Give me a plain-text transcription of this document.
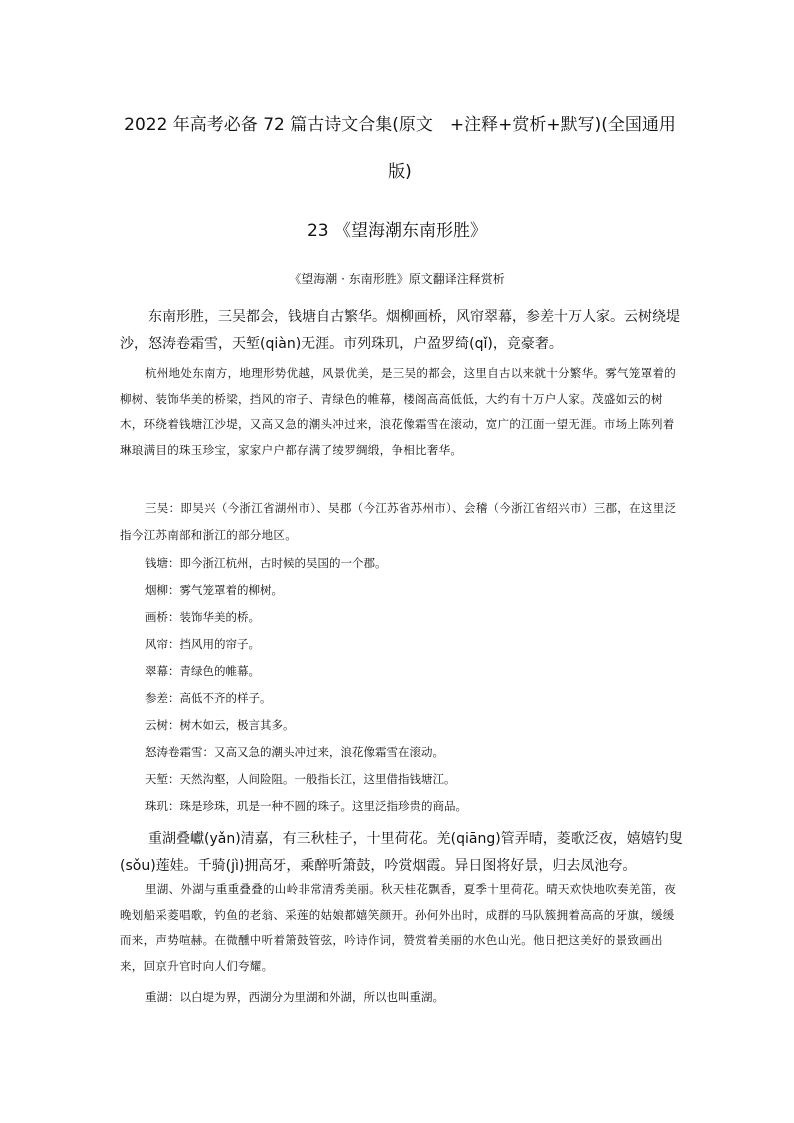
2022 年高考必备 72 篇古诗文合集(原文　+注释+赏析+默写)(全国通用
版)
23 《望海潮东南形胜》
《望海潮 · 东南形胜》原文翻译注释赏析

东南形胜，三吴都会，钱塘自古繁华。烟柳画桥，风帘翠幕，参差十万人家。云树绕堤沙，怒涛卷霜雪，天堑(qiàn)无涯。市列珠玑，户盈罗绮(qǐ)，竞豪奢。

杭州地处东南方，地理形势优越，风景优美，是三吴的都会，这里自古以来就十分繁华。雾气笼罩着的柳树、装饰华美的桥梁，挡风的帘子、青绿色的帷幕，楼阁高高低低，大约有十万户人家。茂盛如云的树木，环绕着钱塘江沙堤，又高又急的潮头冲过来，浪花像霜雪在滚动，宽广的江面一望无涯。市场上陈列着琳琅满目的珠玉珍宝，家家户户都存满了绫罗绸缎，争相比奢华。

三吴：即吴兴（今浙江省湖州市）、吴郡（今江苏省苏州市）、会稽（今浙江省绍兴市）三郡，在这里泛指今江苏南部和浙江的部分地区。

钱塘：即今浙江杭州，古时候的吴国的一个郡。

烟柳：雾气笼罩着的柳树。

画桥：装饰华美的桥。

风帘：挡风用的帘子。

翠幕：青绿色的帷幕。

参差：高低不齐的样子。

云树：树木如云，极言其多。

怒涛卷霜雪：又高又急的潮头冲过来，浪花像霜雪在滚动。

天堑：天然沟壑，人间险阻。一般指长江，这里借指钱塘江。

珠玑：珠是珍珠，玑是一种不圆的珠子。这里泛指珍贵的商品。

重湖叠巘(yǎn)清嘉，有三秋桂子，十里荷花。羌(qiāng)管弄晴，菱歌泛夜，嬉嬉钓叟(sǒu)莲娃。千骑(jì)拥高牙，乘醉听箫鼓，吟赏烟霞。异日图将好景，归去凤池夸。

里湖、外湖与重重叠叠的山岭非常清秀美丽。秋天桂花飘香，夏季十里荷花。晴天欢快地吹奏羌笛，夜晚划船采菱唱歌，钓鱼的老翁、采莲的姑娘都嬉笑颜开。孙何外出时，成群的马队簇拥着高高的牙旗，缓缓而来，声势喧赫。在微醺中听着箫鼓管弦，吟诗作词，赞赏着美丽的水色山光。他日把这美好的景致画出来，回京升官时向人们夸耀。

重湖：以白堤为界，西湖分为里湖和外湖，所以也叫重湖。
